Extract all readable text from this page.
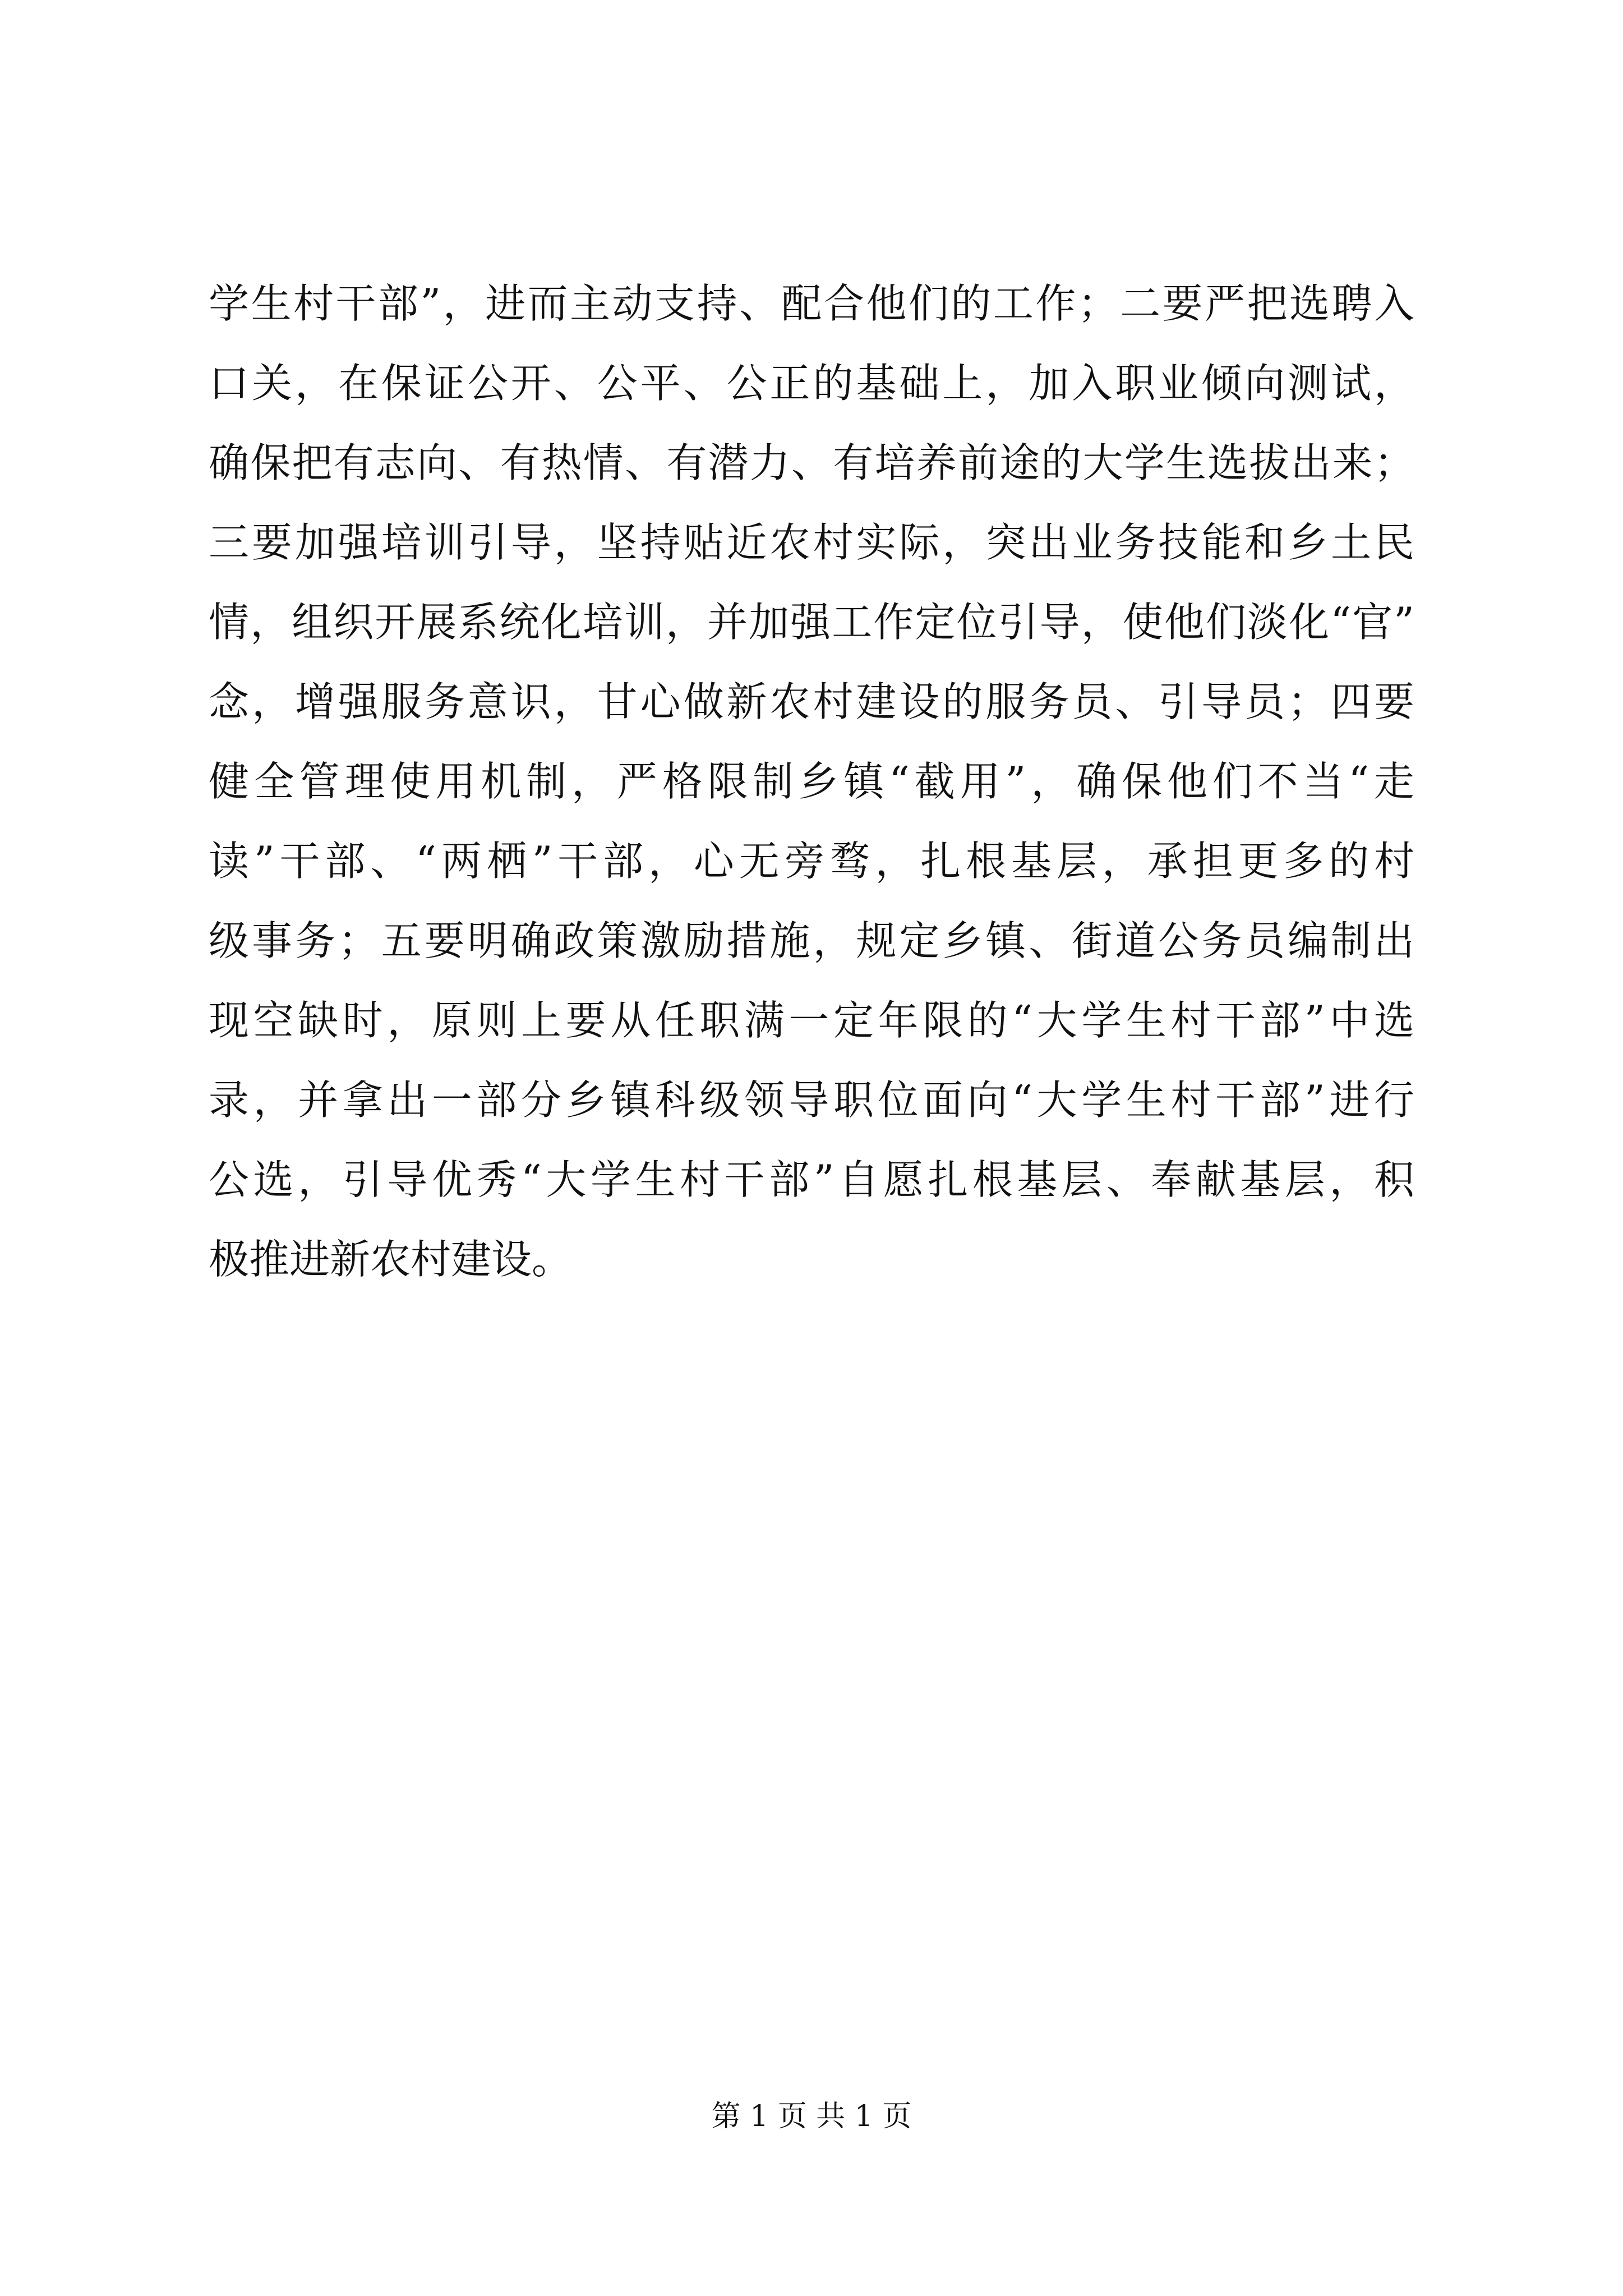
学生村干部”，进而主动支持、配合他们的工作；二要严把选聘入
口关，在保证公开、公平、公正的基础上，加入职业倾向测试，
确保把有志向、有热情、有潜力、有培养前途的大学生选拔出来；
三要加强培训引导，坚持贴近农村实际，突出业务技能和乡土民
情，组织开展系统化培训，并加强工作定位引导，使他们淡化“官”
念，增强服务意识，甘心做新农村建设的服务员、引导员；四要
健全管理使用机制，严格限制乡镇“截用”，确保他们不当“走
读”干部、“两栖”干部，心无旁骛，扎根基层，承担更多的村
级事务；五要明确政策激励措施，规定乡镇、街道公务员编制出
现空缺时，原则上要从任职满一定年限的“大学生村干部”中选
录，并拿出一部分乡镇科级领导职位面向“大学生村干部”进行
公选，引导优秀“大学生村干部”自愿扎根基层、奉献基层，积
极推进新农村建设。
第 1 页 共 1 页
